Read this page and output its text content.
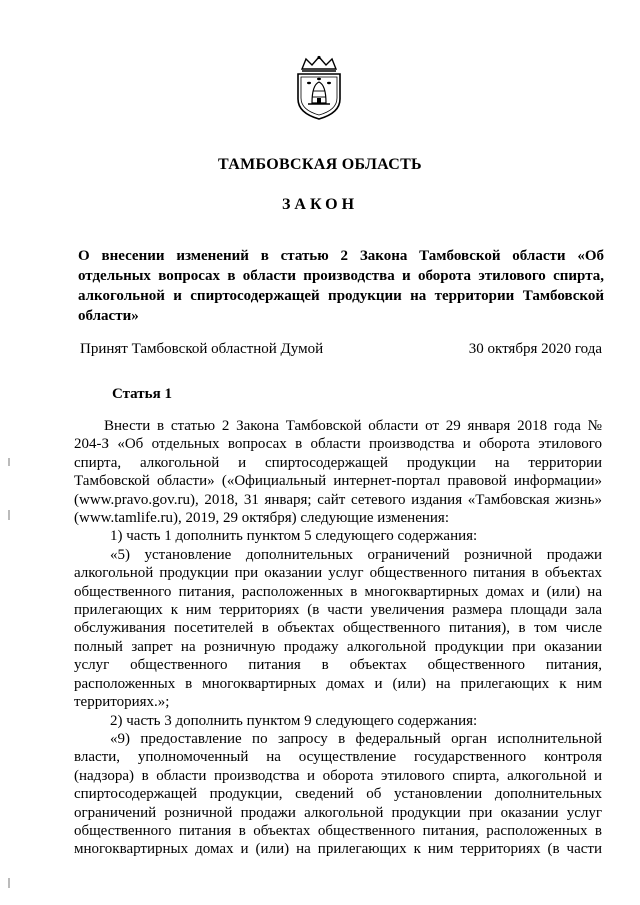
ТАМБОВСКАЯ ОБЛАСТЬ
ЗАКОН
О внесении изменений в статью 2 Закона Тамбовской области «Об
отдельных вопросах в области производства и оборота этилового спирта,
алкогольной и спиртосодержащей продукции на территории Тамбовской
области»
Принят Тамбовской областной Думой	30 октября 2020 года
Статья 1
Внести в статью 2 Закона Тамбовской области от 29 января 2018 года №
204-З «Об отдельных вопросах в области производства и оборота этилового
спирта, алкогольной и спиртосодержащей продукции на территории
Тамбовской области» («Официальный интернет-портал правовой информации»
(www.pravo.gov.ru), 2018, 31 января; сайт сетевого издания «Тамбовская жизнь»
(www.tamlife.ru), 2019, 29 октября) следующие изменения:
1) часть 1 дополнить пунктом 5 следующего содержания:
«5) установление дополнительных ограничений розничной продажи
алкогольной продукции при оказании услуг общественного питания в объектах
общественного питания, расположенных в многоквартирных домах и (или) на
прилегающих к ним территориях (в части увеличения размера площади зала
обслуживания посетителей в объектах общественного питания), в том числе
полный запрет на розничную продажу алкогольной продукции при оказании
услуг общественного питания в объектах общественного питания,
расположенных в многоквартирных домах и (или) на прилегающих к ним
территориях.»;
2) часть 3 дополнить пунктом 9 следующего содержания:
«9) предоставление по запросу в федеральный орган исполнительной
власти, уполномоченный на осуществление государственного контроля
(надзора) в области производства и оборота этилового спирта, алкогольной и
спиртосодержащей продукции, сведений об установлении дополнительных
ограничений розничной продажи алкогольной продукции при оказании услуг
общественного питания в объектах общественного питания, расположенных в
многоквартирных домах и (или) на прилегающих к ним территориях (в части
